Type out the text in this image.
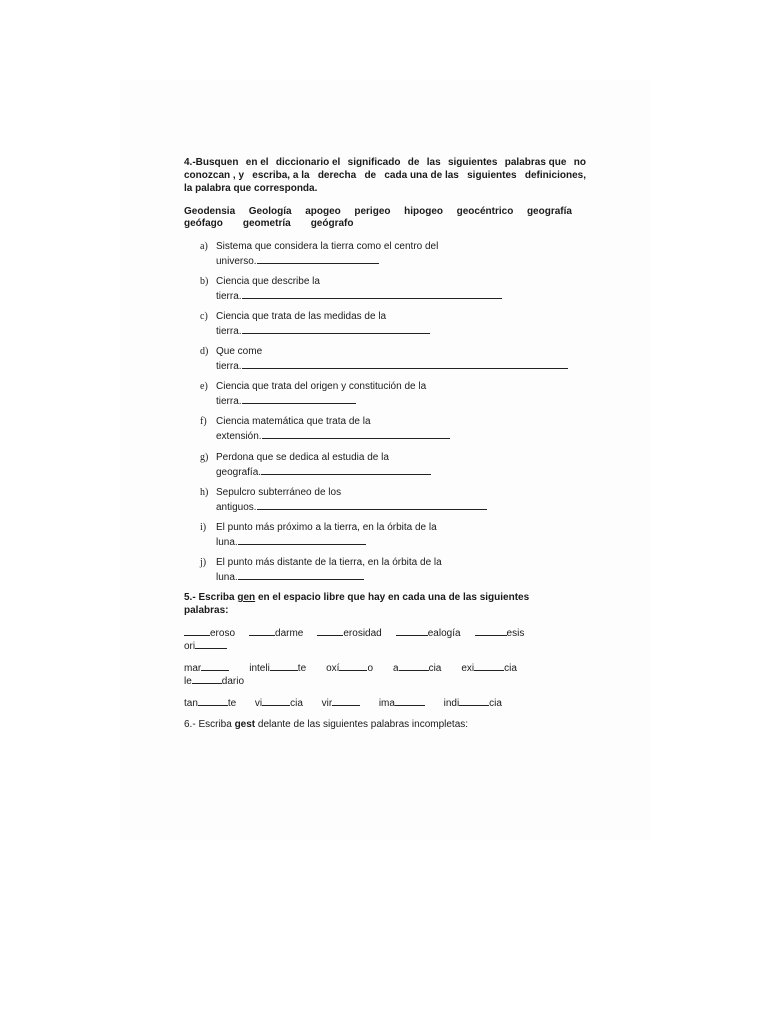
4.-Busquen en el diccionario el significado de las siguientes palabras que no
conozcan , y escriba, a la derecha de cada una de las siguientes definiciones,
la palabra que corresponda.
Geodensia Geología apogeo perigeo hipogeo geocéntrico geografía
geófago geometría geógrafo
a) Sistema que considera la tierra como el centro del
universo.
b) Ciencia que describe la
tierra.
c) Ciencia que trata de las medidas de la
tierra.
d) Que come
tierra.
e) Ciencia que trata del origen y constitución de la
tierra.
f) Ciencia matemática que trata de la
extensión.
g) Perdona que se dedica al estudia de la
geografía.
h) Sepulcro subterráneo de los
antiguos.
i) El punto más próximo a la tierra, en la órbita de la
luna.
j) El punto más distante de la tierra, en la órbita de la
luna.
5.- Escriba gen en el espacio libre que hay en cada una de las siguientes
palabras:
eroso	darme	erosidad	ealogía	esis
ori
mar	inteli	te oxí	o a	cia exi	cia
le	dario
tan	te vi	cia vir	ima	indi	cia
6.- Escriba gest delante de las siguientes palabras incompletas:
